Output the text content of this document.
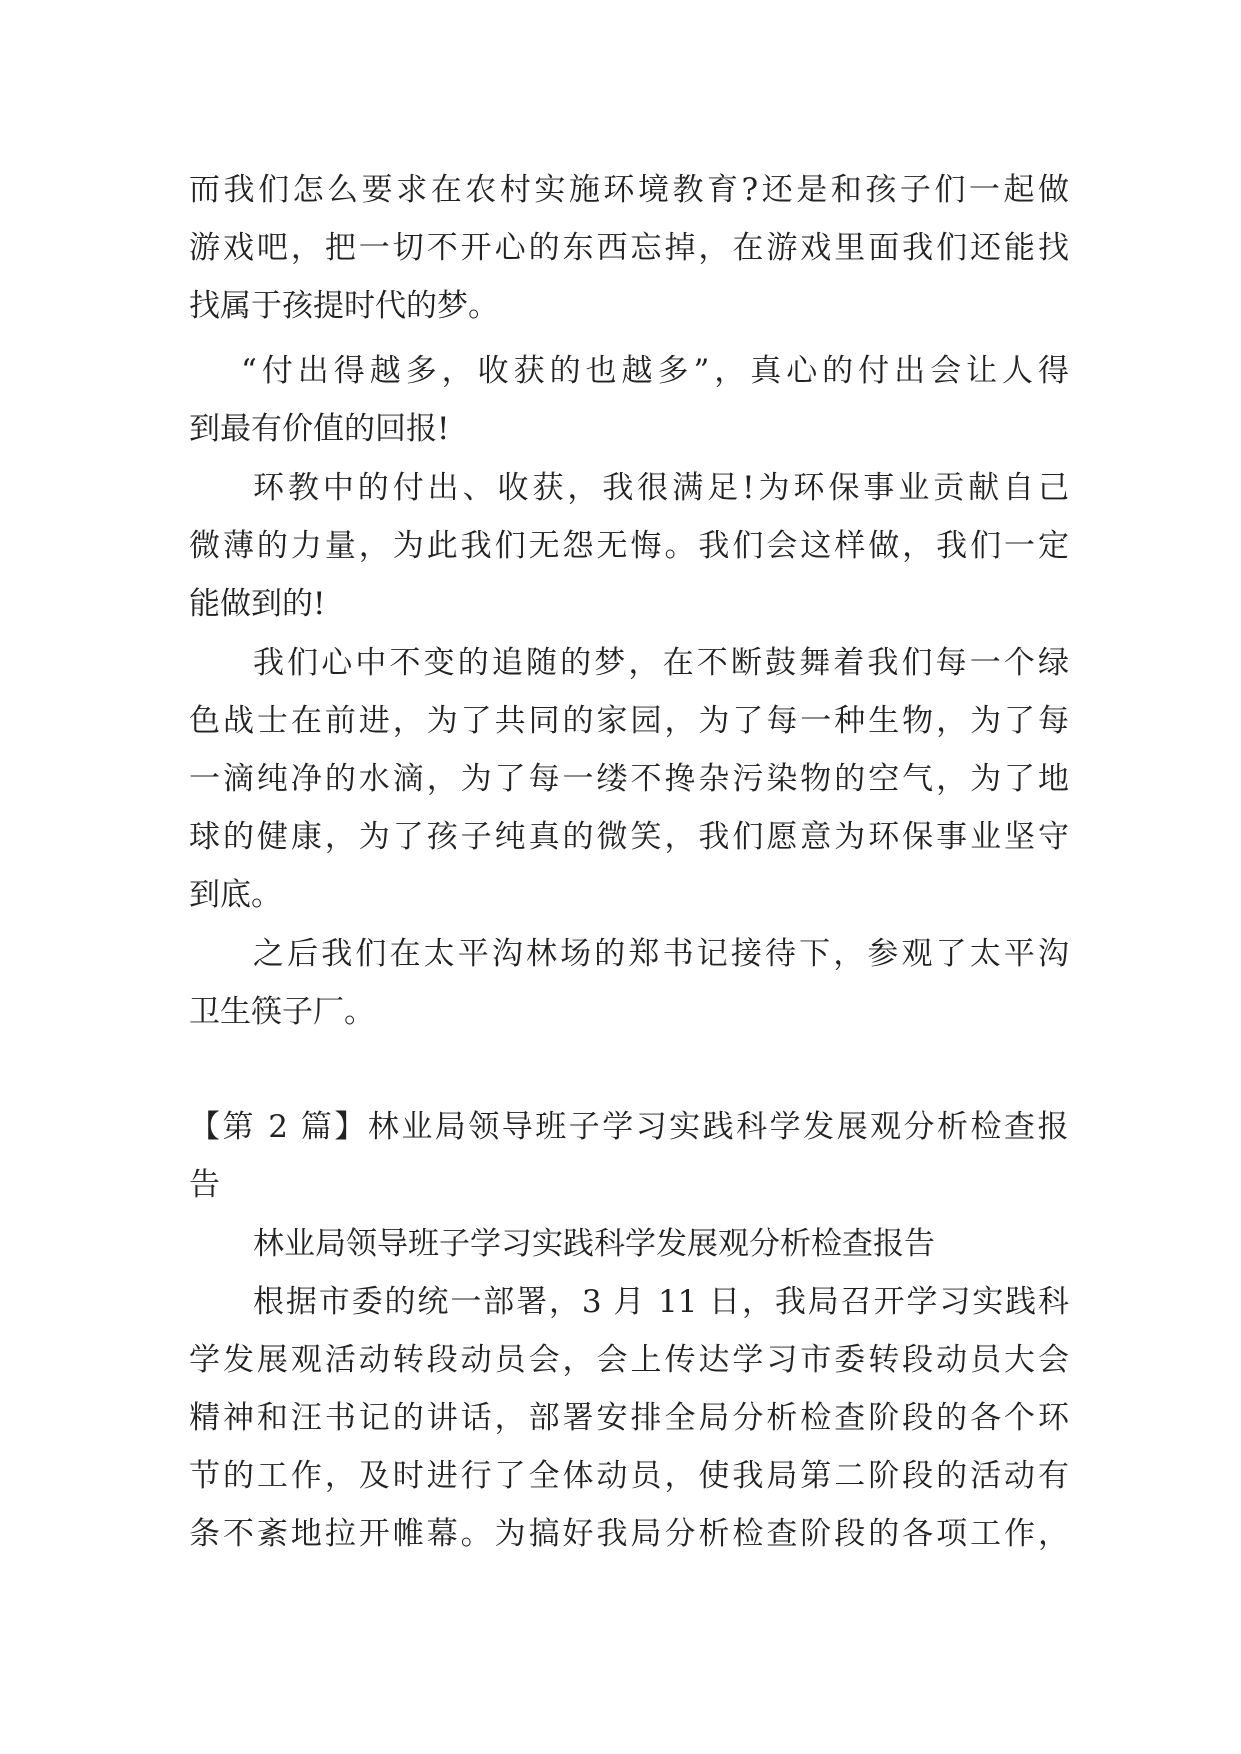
而我们怎么要求在农村实施环境教育?还是和孩子们一起做
游戏吧，把一切不开心的东西忘掉，在游戏里面我们还能找
找属于孩提时代的梦。
“付出得越多，收获的也越多”，真心的付出会让人得
到最有价值的回报!
环教中的付出、收获，我很满足!为环保事业贡献自己
微薄的力量，为此我们无怨无悔。我们会这样做，我们一定
能做到的!
我们心中不变的追随的梦，在不断鼓舞着我们每一个绿
色战士在前进，为了共同的家园，为了每一种生物，为了每
一滴纯净的水滴，为了每一缕不搀杂污染物的空气，为了地
球的健康，为了孩子纯真的微笑，我们愿意为环保事业坚守
到底。
之后我们在太平沟林场的郑书记接待下，参观了太平沟
卫生筷子厂。
【第 2 篇】林业局领导班子学习实践科学发展观分析检查报
告
林业局领导班子学习实践科学发展观分析检查报告
根据市委的统一部署，3 月 11 日，我局召开学习实践科
学发展观活动转段动员会，会上传达学习市委转段动员大会
精神和汪书记的讲话，部署安排全局分析检查阶段的各个环
节的工作，及时进行了全体动员，使我局第二阶段的活动有
条不紊地拉开帷幕。为搞好我局分析检查阶段的各项工作，
